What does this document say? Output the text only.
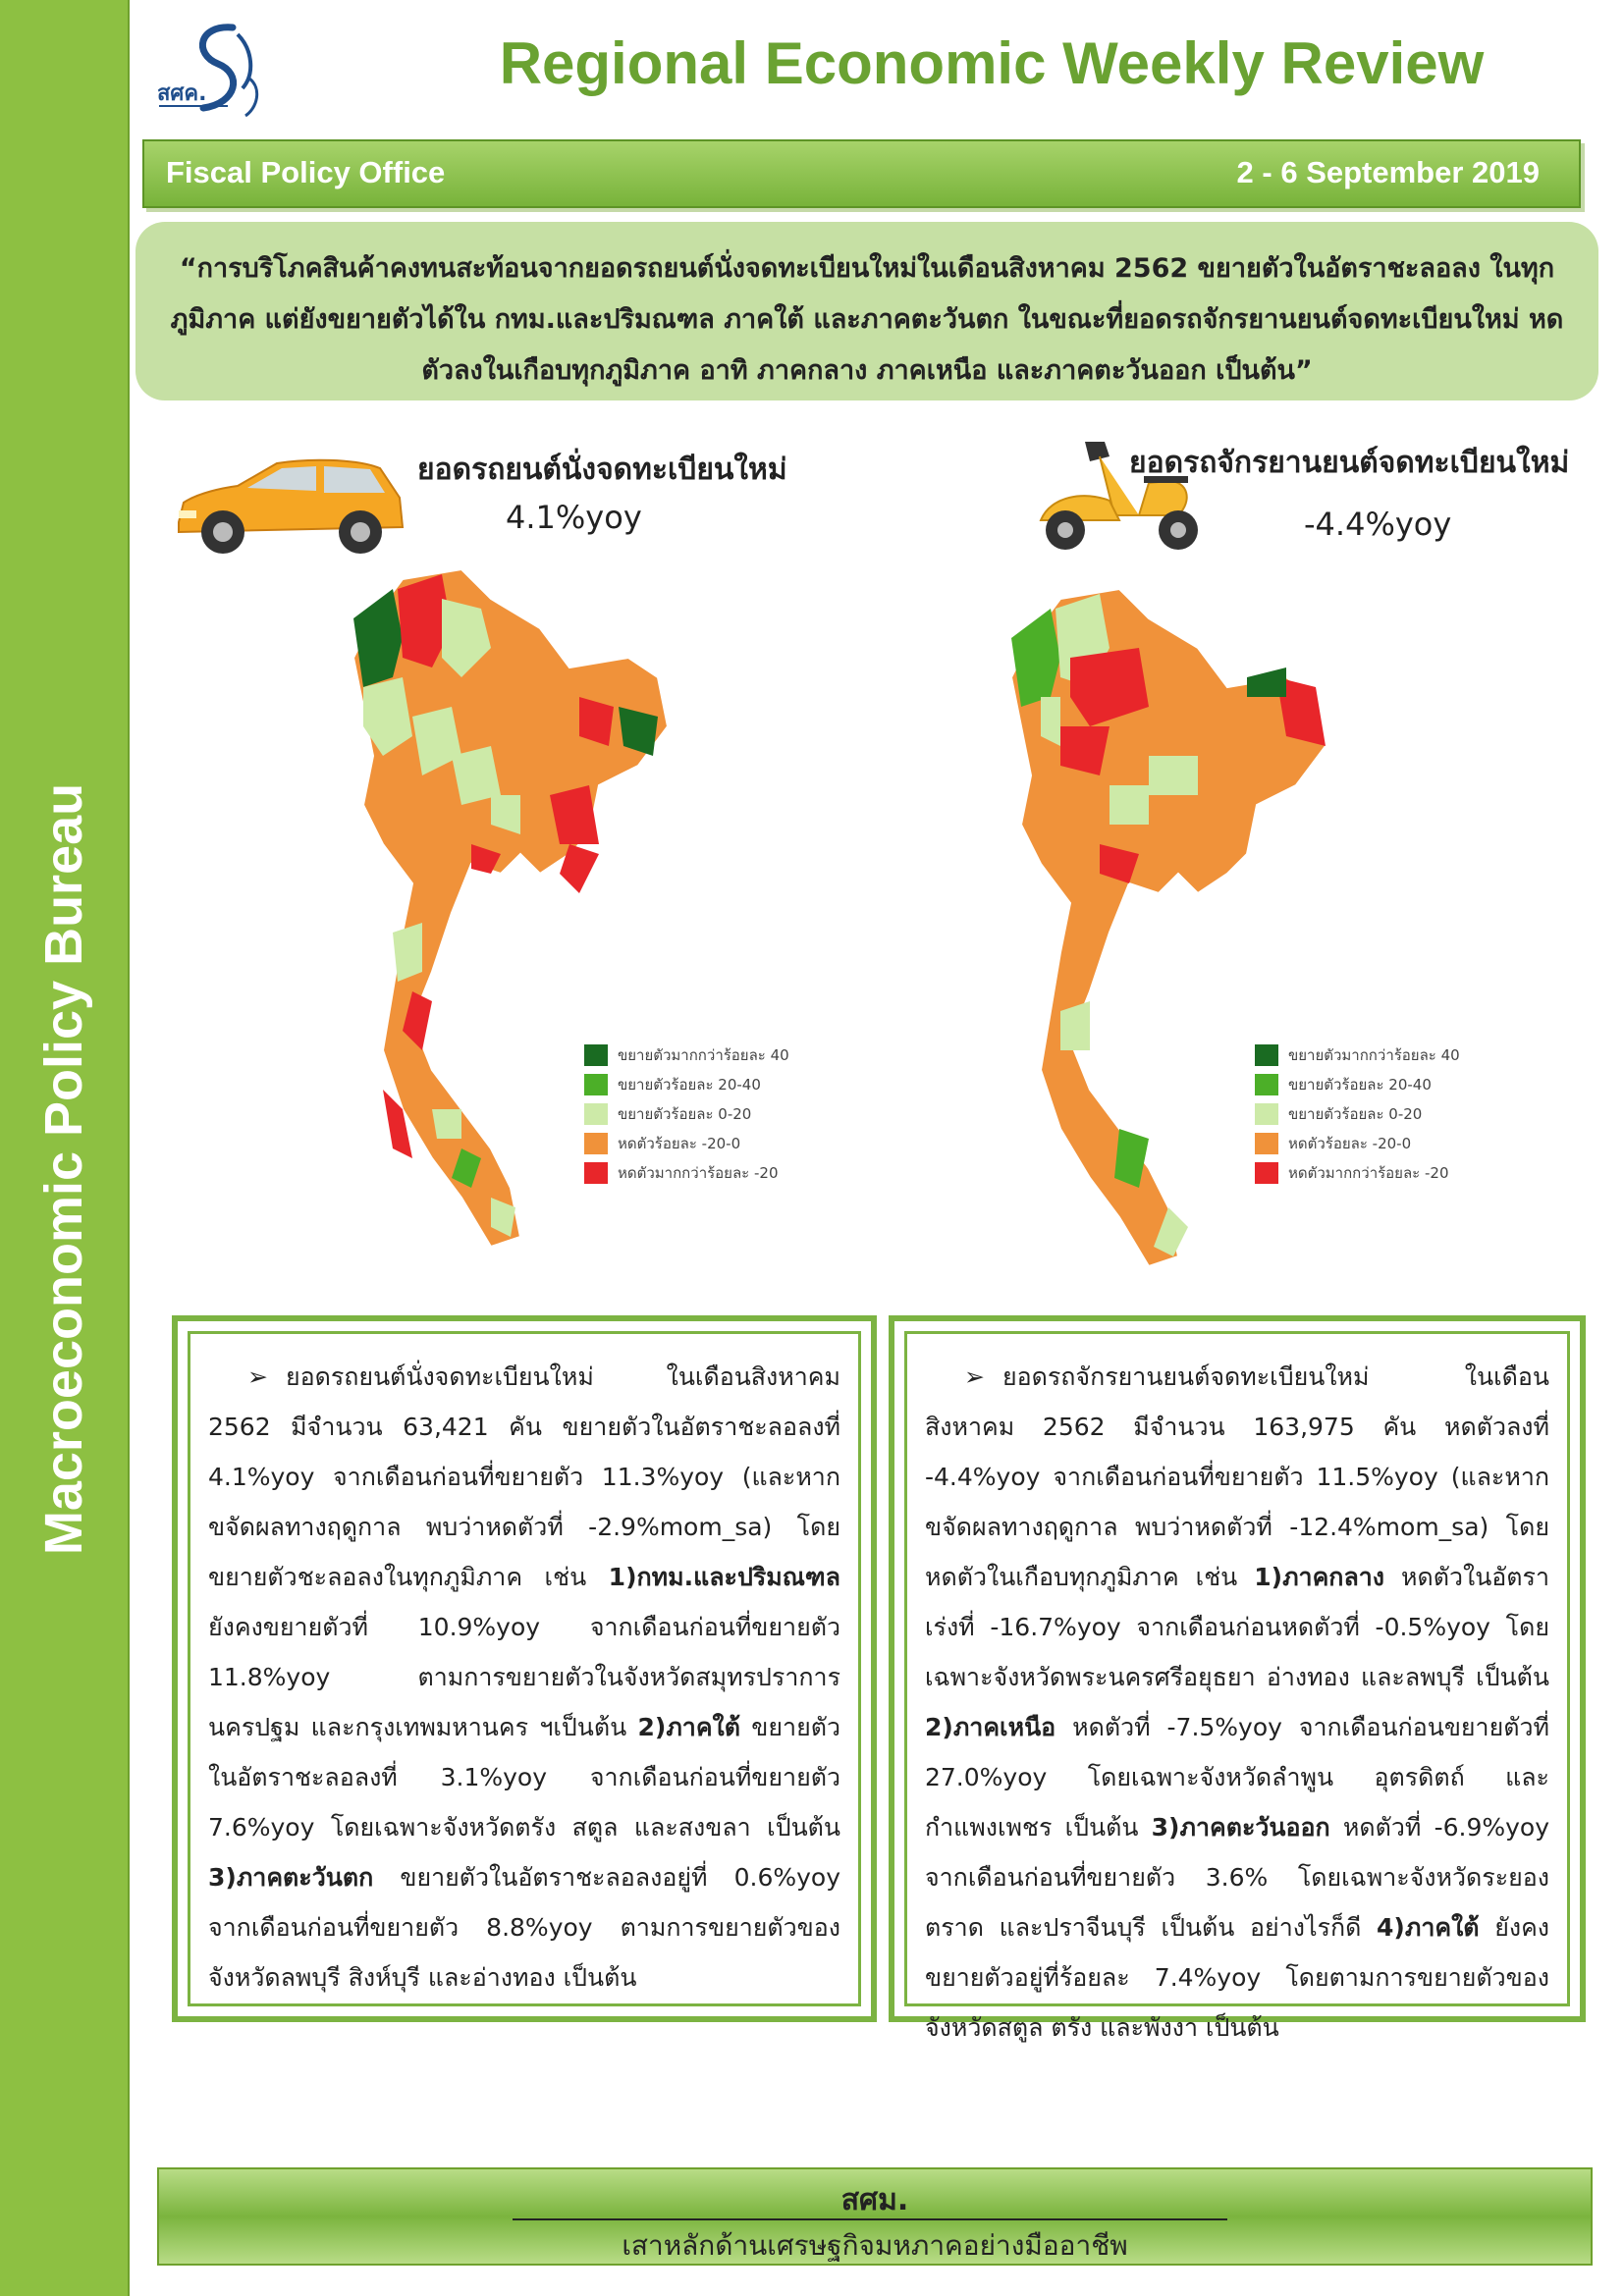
Macroeconomic Policy Bureau
สศค.	Regional Economic Weekly Review
Fiscal Policy Office	2 - 6 September 2019
“การบริโภคสินค้าคงทนสะท้อนจากยอดรถยนต์นั่งจดทะเบียนใหม่ในเดือนสิงหาคม 2562 ขยายตัวในอัตราชะลอลง ในทุกภูมิภาค แต่ยังขยายตัวได้ใน กทม.และปริมณฑล ภาคใต้ และภาคตะวันตก ในขณะที่ยอดรถจักรยานยนต์จดทะเบียนใหม่ หดตัวลงในเกือบทุกภูมิภาค อาทิ ภาคกลาง ภาคเหนือ และภาคตะวันออก เป็นต้น”
ยอดรถยนต์นั่งจดทะเบียนใหม่
4.1%yoy
ยอดรถจักรยานยนต์จดทะเบียนใหม่
-4.4%yoy
ขยายตัวมากกว่าร้อยละ 40
ขยายตัวร้อยละ 20-40
ขยายตัวร้อยละ 0-20
หดตัวร้อยละ -20-0
หดตัวมากกว่าร้อยละ -20
ขยายตัวมากกว่าร้อยละ 40
ขยายตัวร้อยละ 20-40
ขยายตัวร้อยละ 0-20
หดตัวร้อยละ -20-0
หดตัวมากกว่าร้อยละ -20
➢ ยอดรถยนต์นั่งจดทะเบียนใหม่ ในเดือนสิงหาคม 2562 มีจำนวน 63,421 คัน ขยายตัวในอัตราชะลอลงที่ 4.1%yoy จากเดือนก่อนที่ขยายตัว 11.3%yoy (และหากขจัดผลทางฤดูกาล พบว่าหดตัวที่ -2.9%mom_sa) โดยขยายตัวชะลอลงในทุกภูมิภาค เช่น 1)กทม.และปริมณฑล ยังคงขยายตัวที่ 10.9%yoy จากเดือนก่อนที่ขยายตัว 11.8%yoy ตามการขยายตัวในจังหวัดสมุทรปราการ นครปฐม และกรุงเทพมหานคร ฯเป็นต้น 2)ภาคใต้ ขยายตัวในอัตราชะลอลงที่ 3.1%yoy จากเดือนก่อนที่ขยายตัว 7.6%yoy โดยเฉพาะจังหวัดตรัง สตูล และสงขลา เป็นต้น 3)ภาคตะวันตก ขยายตัวในอัตราชะลอลงอยู่ที่ 0.6%yoy จากเดือนก่อนที่ขยายตัว 8.8%yoy ตามการขยายตัวของจังหวัดลพบุรี สิงห์บุรี และอ่างทอง เป็นต้น
➢ ยอดรถจักรยานยนต์จดทะเบียนใหม่ ในเดือนสิงหาคม 2562 มีจำนวน 163,975 คัน หดตัวลงที่ -4.4%yoy จากเดือนก่อนที่ขยายตัว 11.5%yoy (และหากขจัดผลทางฤดูกาล พบว่าหดตัวที่ -12.4%mom_sa) โดยหดตัวในเกือบทุกภูมิภาค เช่น 1)ภาคกลาง หดตัวในอัตราเร่งที่ -16.7%yoy จากเดือนก่อนหดตัวที่ -0.5%yoy โดยเฉพาะจังหวัดพระนครศรีอยุธยา อ่างทอง และลพบุรี เป็นต้น 2)ภาคเหนือ หดตัวที่ -7.5%yoy จากเดือนก่อนขยายตัวที่ 27.0%yoy โดยเฉพาะจังหวัดลำพูน อุตรดิตถ์ และกำแพงเพชร เป็นต้น 3)ภาคตะวันออก หดตัวที่ -6.9%yoy จากเดือนก่อนที่ขยายตัว 3.6% โดยเฉพาะจังหวัดระยอง ตราด และปราจีนบุรี เป็นต้น อย่างไรก็ดี 4)ภาคใต้ ยังคงขยายตัวอยู่ที่ร้อยละ 7.4%yoy โดยตามการขยายตัวของจังหวัดสตูล ตรัง และพังงา เป็นต้น
สศม.
เสาหลักด้านเศรษฐกิจมหภาคอย่างมืออาชีพ
